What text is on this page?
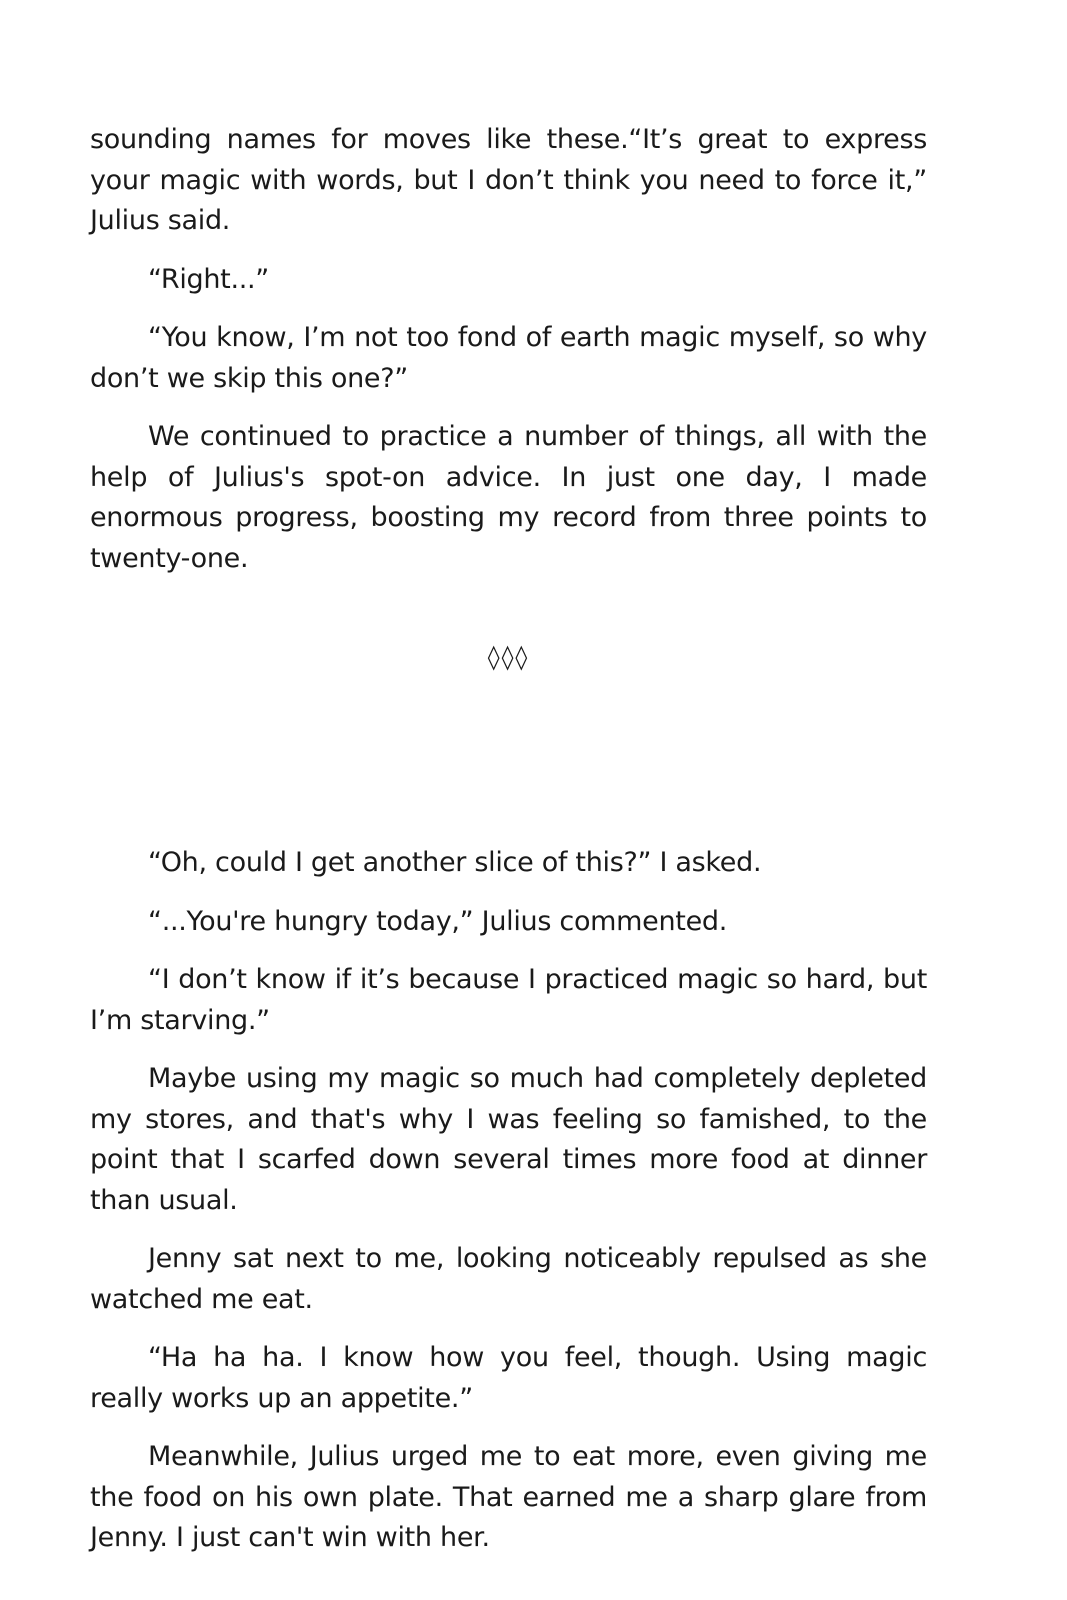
sounding names for moves like these.“It’s great to express your magic with words, but I don’t think you need to force it,” Julius said.

“Right...”

“You know, I’m not too fond of earth magic myself, so why don’t we skip this one?”

We continued to practice a number of things, all with the help of Julius's spot-on advice. In just one day, I made enormous progress, boosting my record from three points to twenty-one.

◊◊◊

“Oh, could I get another slice of this?” I asked.

“...You're hungry today,” Julius commented.

“I don’t know if it’s because I practiced magic so hard, but I’m starving.”

Maybe using my magic so much had completely depleted my stores, and that's why I was feeling so famished, to the point that I scarfed down several times more food at dinner than usual.

Jenny sat next to me, looking noticeably repulsed as she watched me eat.

“Ha ha ha. I know how you feel, though. Using magic really works up an appetite.”

Meanwhile, Julius urged me to eat more, even giving me the food on his own plate. That earned me a sharp glare from Jenny. I just can't win with her.
